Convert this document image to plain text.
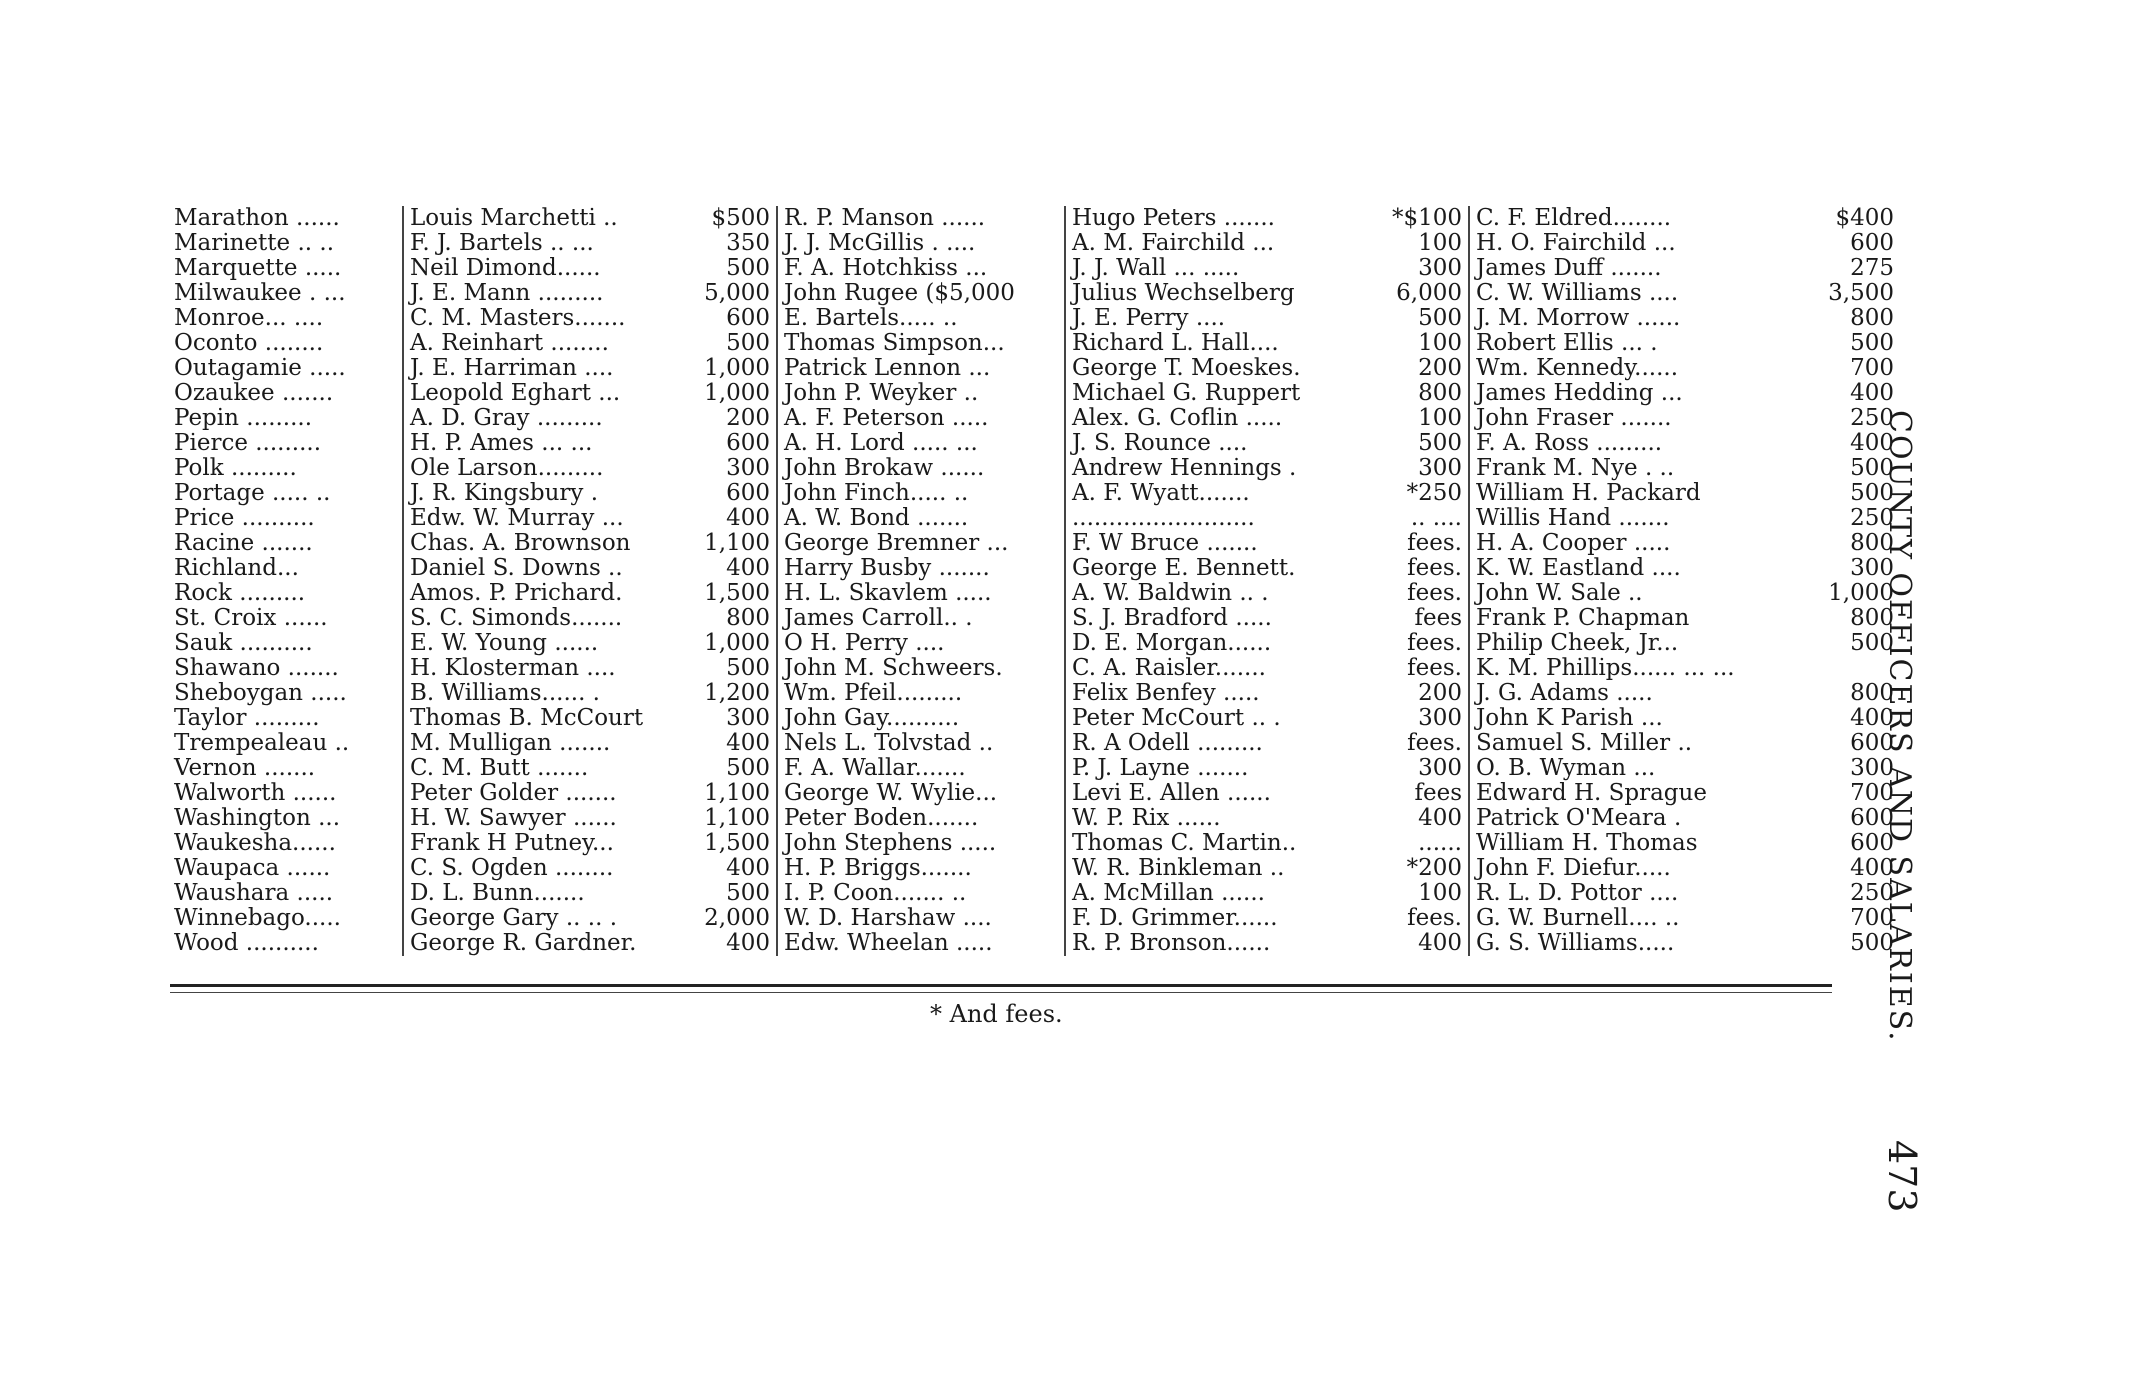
Marathon ......	Louis Marchetti ..	$500	R. P. Manson ......	Hugo Peters .......	*$100	C. F. Eldred........	$400
Marinette .. ..	F. J. Bartels .. ...	350	J. J. McGillis . ....	A. M. Fairchild ...	100	H. O. Fairchild ...	600
Marquette .....	Neil Dimond......	500	F. A. Hotchkiss ...	J. J. Wall ... .....	300	James Duff .......	275
Milwaukee . ...	J. E. Mann .........	5,000	John Rugee ($5,000	Julius Wechselberg	6,000	C. W. Williams ....	3,500
Monroe... ....	C. M. Masters.......	600	E. Bartels..... ..	J. E. Perry ....	500	J. M. Morrow ......	800
Oconto ........	A. Reinhart ........	500	Thomas Simpson...	Richard L. Hall....	100	Robert Ellis ... .	500
Outagamie .....	J. E. Harriman ....	1,000	Patrick Lennon ...	George T. Moeskes.	200	Wm. Kennedy......	700
Ozaukee .......	Leopold Eghart ...	1,000	John P. Weyker ..	Michael G. Ruppert	800	James Hedding ...	400
Pepin .........	A. D. Gray .........	200	A. F. Peterson .....	Alex. G. Coflin .....	100	John Fraser .......	250
Pierce .........	H. P. Ames ... ...	600	A. H. Lord ..... ...	J. S. Rounce ....	500	F. A. Ross .........	400
Polk .........	Ole Larson.........	300	John Brokaw ......	Andrew Hennings .	300	Frank M. Nye . ..	500
Portage ..... ..	J. R. Kingsbury .	600	John Finch..... ..	A. F. Wyatt.......	*250	William H. Packard	500
Price ..........	Edw. W. Murray ...	400	A. W. Bond .......	.........................	.. ....	Willis Hand .......	250
Racine .......	Chas. A. Brownson	1,100	George Bremner ...	F. W Bruce .......	fees.	H. A. Cooper .....	800
Richland...	Daniel S. Downs ..	400	Harry Busby .......	George E. Bennett.	fees.	K. W. Eastland ....	300
Rock .........	Amos. P. Prichard.	1,500	H. L. Skavlem .....	A. W. Baldwin .. .	fees.	John W. Sale ..	1,000
St. Croix ......	S. C. Simonds.......	800	James Carroll.. .	S. J. Bradford .....	fees	Frank P. Chapman	800
Sauk ..........	E. W. Young ......	1,000	O H. Perry ....	D. E. Morgan......	fees.	Philip Cheek, Jr...	500
Shawano .......	H. Klosterman ....	500	John M. Schweers.	C. A. Raisler.......	fees.	K. M. Phillips...... ... ...	
Sheboygan .....	B. Williams...... .	1,200	Wm. Pfeil.........	Felix Benfey .....	200	J. G. Adams .....	800
Taylor .........	Thomas B. McCourt	300	John Gay..........	Peter McCourt .. .	300	John K Parish ...	400
Trempealeau ..	M. Mulligan .......	400	Nels L. Tolvstad ..	R. A Odell .........	fees.	Samuel S. Miller ..	600
Vernon .......	C. M. Butt .......	500	F. A. Wallar.......	P. J. Layne .......	300	O. B. Wyman ...	300
Walworth ......	Peter Golder .......	1,100	George W. Wylie...	Levi E. Allen ......	fees	Edward H. Sprague	700
Washington ...	H. W. Sawyer ......	1,100	Peter Boden.......	W. P. Rix ......	400	Patrick O'Meara .	600
Waukesha......	Frank H Putney...	1,500	John Stephens .....	Thomas C. Martin..	......	William H. Thomas	600
Waupaca ......	C. S. Ogden ........	400	H. P. Briggs.......	W. R. Binkleman ..	*200	John F. Diefur.....	400
Waushara .....	D. L. Bunn.......	500	I. P. Coon....... ..	A. McMillan ......	100	R. L. D. Pottor ....	250
Winnebago.....	George Gary .. .. .	2,000	W. D. Harshaw ....	F. D. Grimmer......	fees.	G. W. Burnell.... ..	700
Wood ..........	George R. Gardner.	400	Edw. Wheelan .....	R. P. Bronson......	400	G. S. Williams.....	500
* And fees.	COUNTY OFFICERS AND SALARIES.
473
